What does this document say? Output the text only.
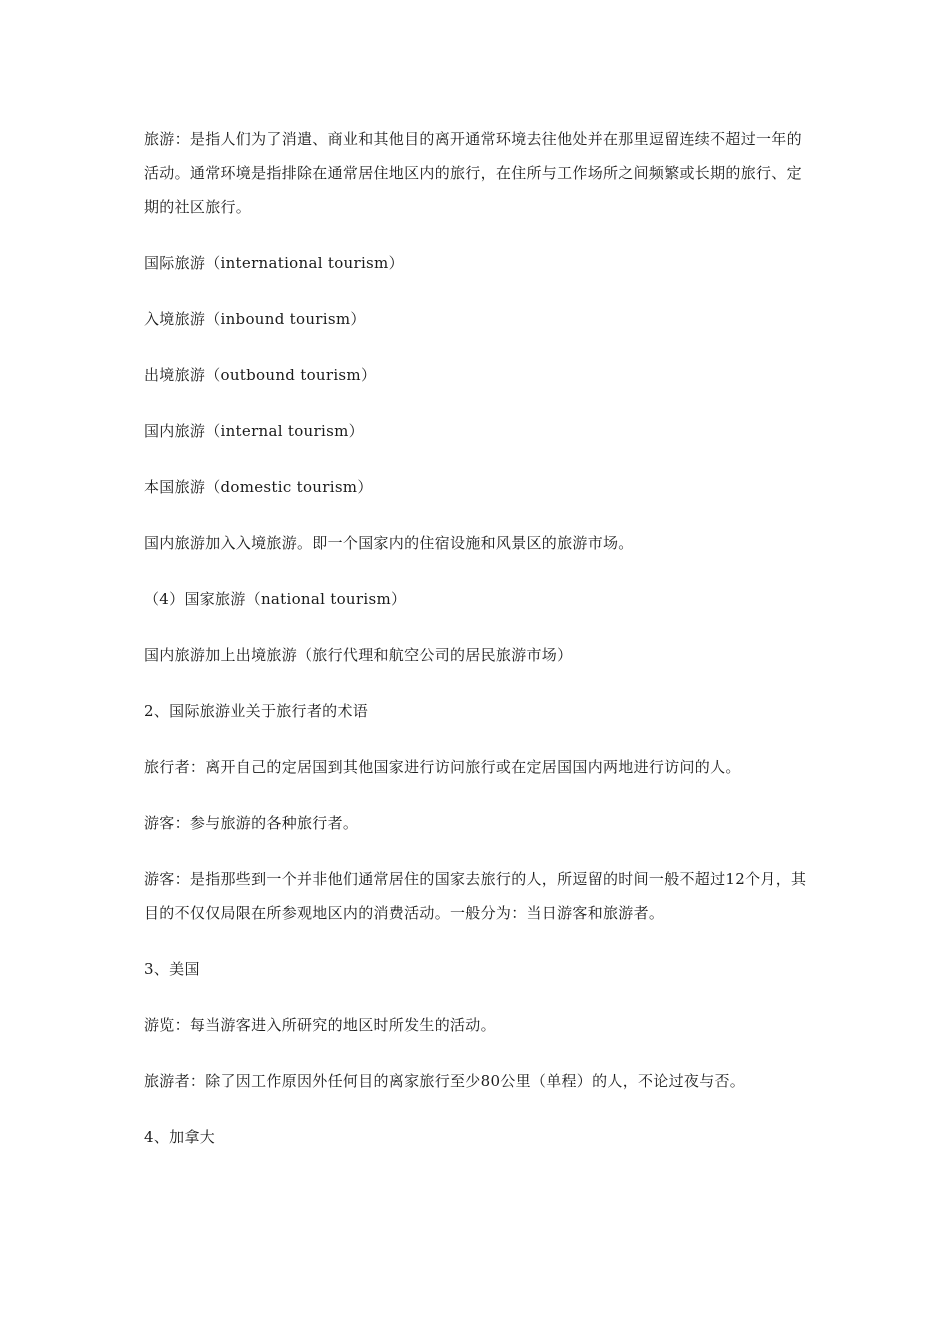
旅游：是指人们为了消遣、商业和其他目的离开通常环境去往他处并在那里逗留连续不超过一年的活动。通常环境是指排除在通常居住地区内的旅行，在住所与工作场所之间频繁或长期的旅行、定期的社区旅行。

国际旅游（international tourism）

入境旅游（inbound tourism）

出境旅游（outbound tourism）

国内旅游（internal tourism）

本国旅游（domestic tourism）

国内旅游加入入境旅游。即一个国家内的住宿设施和风景区的旅游市场。

（4）国家旅游（national tourism）

国内旅游加上出境旅游（旅行代理和航空公司的居民旅游市场）

2、国际旅游业关于旅行者的术语

旅行者：离开自己的定居国到其他国家进行访问旅行或在定居国国内两地进行访问的人。

游客：参与旅游的各种旅行者。

游客：是指那些到一个并非他们通常居住的国家去旅行的人，所逗留的时间一般不超过12个月，其目的不仅仅局限在所参观地区内的消费活动。一般分为：当日游客和旅游者。

3、美国

游览：每当游客进入所研究的地区时所发生的活动。

旅游者：除了因工作原因外任何目的离家旅行至少80公里（单程）的人，不论过夜与否。

4、加拿大
